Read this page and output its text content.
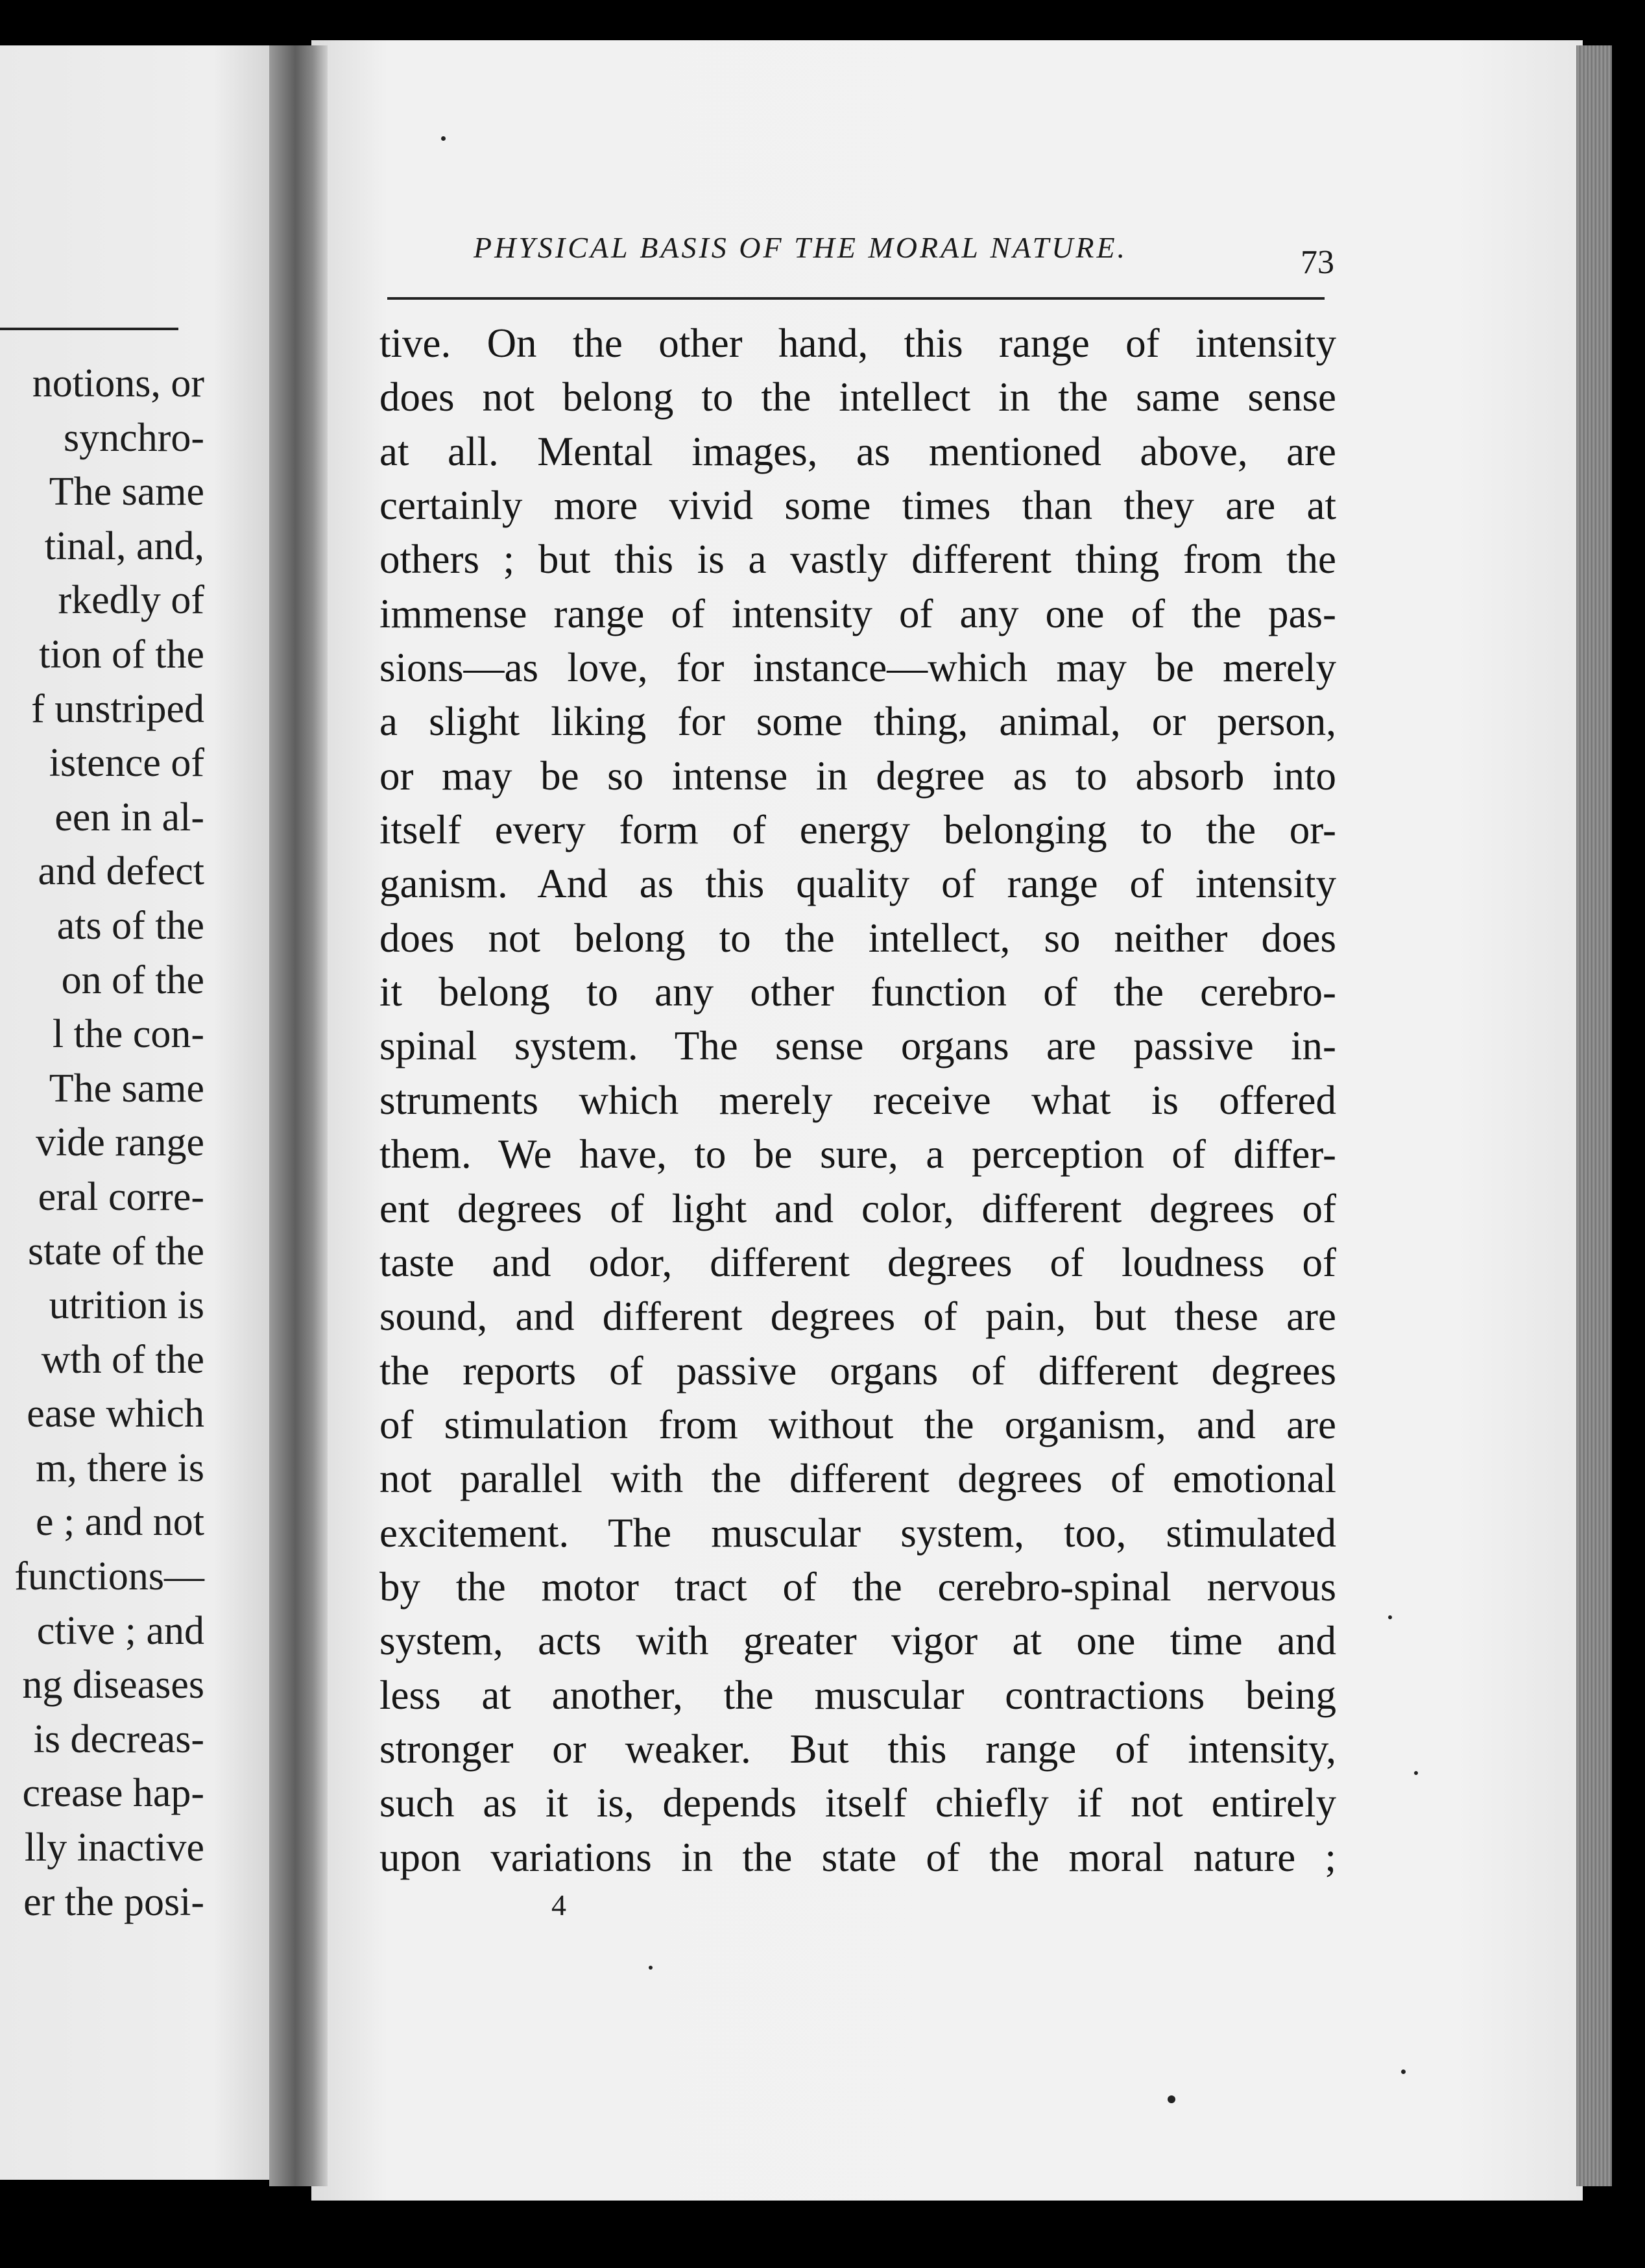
notions, or
synchro-
The same
tinal, and,
rkedly of
tion of the
f unstriped
istence of
een in al-
and defect
ats of the
on of the
l the con-
The same
vide range
eral corre-
state of the
utrition is
wth of the
ease which
m, there is
e ; and not
functions—
ctive ; and
ng diseases
is decreas-
crease hap-
lly inactive
er the posi-
PHYSICAL BASIS OF THE MORAL NATURE.	73
tive. On the other hand, this range of intensity
does not belong to the intellect in the same sense
at all. Mental images, as mentioned above, are
certainly more vivid some times than they are at
others ; but this is a vastly different thing from the
immense range of intensity of any one of the pas-
sions—as love, for instance—which may be merely
a slight liking for some thing, animal, or person,
or may be so intense in degree as to absorb into
itself every form of energy belonging to the or-
ganism. And as this quality of range of intensity
does not belong to the intellect, so neither does
it belong to any other function of the cerebro-
spinal system. The sense organs are passive in-
struments which merely receive what is offered
them. We have, to be sure, a perception of differ-
ent degrees of light and color, different degrees of
taste and odor, different degrees of loudness of
sound, and different degrees of pain, but these are
the reports of passive organs of different degrees
of stimulation from without the organism, and are
not parallel with the different degrees of emotional
excitement. The muscular system, too, stimulated
by the motor tract of the cerebro-spinal nervous
system, acts with greater vigor at one time and
less at another, the muscular contractions being
stronger or weaker. But this range of intensity,
such as it is, depends itself chiefly if not entirely
upon variations in the state of the moral nature ;
4
